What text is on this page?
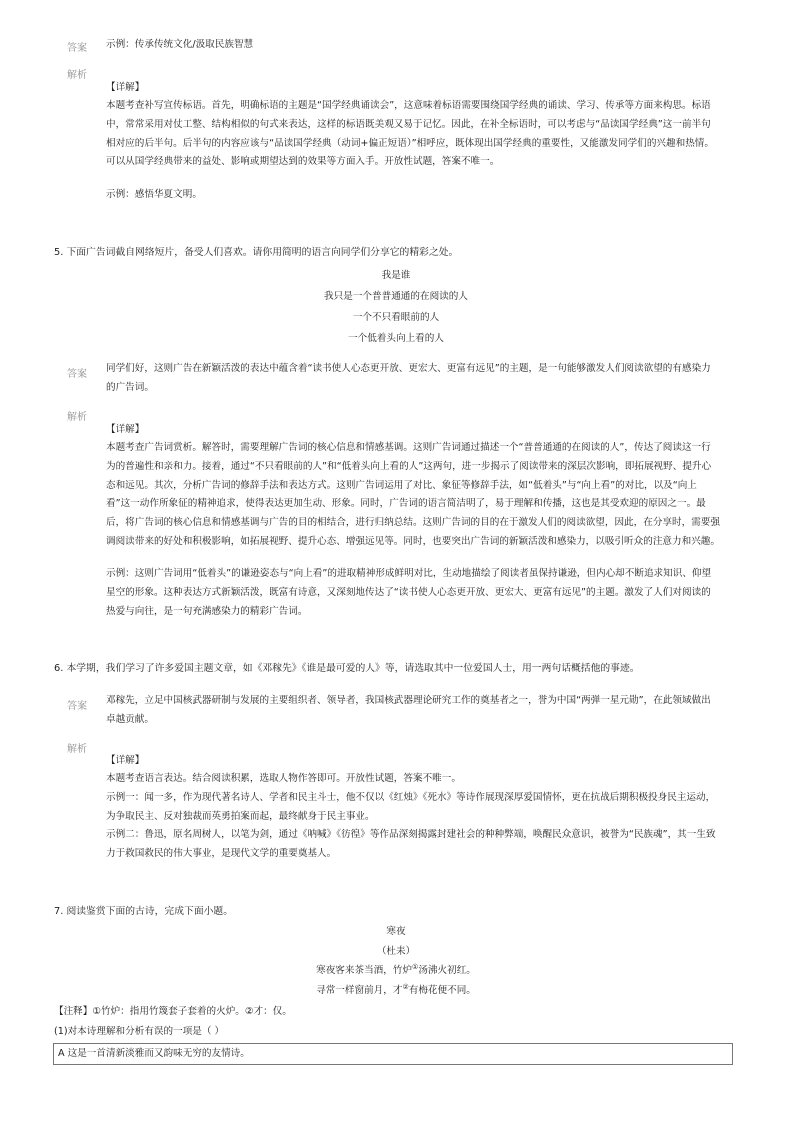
答案 示例：传承传统文化/汲取民族智慧
解析
【详解】
本题考查补写宣传标语。首先，明确标语的主题是“国学经典诵读会”，这意味着标语需要围绕国学经典的诵读、学习、传承等方面来构思。标语中，常常采用对仗工整、结构相似的句式来表达，这样的标语既美观又易于记忆。因此，在补全标语时，可以考虑与“品读国学经典”这一前半句相对应的后半句。后半句的内容应该与“品读国学经典（动词+偏正短语）”相呼应，既体现出国学经典的重要性，又能激发同学们的兴趣和热情。可以从国学经典带来的益处、影响或期望达到的效果等方面入手。开放性试题，答案不唯一。
示例：感悟华夏文明。
5. 下面广告词截自网络短片，备受人们喜欢。请你用简明的语言向同学们分享它的精彩之处。
我是谁
我只是一个普普通通的在阅读的人
一个不只看眼前的人
一个低着头向上看的人
答案
同学们好，这则广告在新颖活泼的表达中蕴含着“读书使人心态更开放、更宏大、更富有远见”的主题，是一句能够激发人们阅读欲望的有感染力的广告词。
解析
【详解】
本题考查广告词赏析。解答时，需要理解广告词的核心信息和情感基调。这则广告词通过描述一个“普普通通的在阅读的人”，传达了阅读这一行为的普遍性和亲和力。接着，通过“不只看眼前的人”和“低着头向上看的人”这两句，进一步揭示了阅读带来的深层次影响，即拓展视野、提升心态和远见。其次，分析广告词的修辞手法和表达方式。这则广告词运用了对比、象征等修辞手法，如“低着头”与“向上看”的对比，以及“向上看”这一动作所象征的精神追求，使得表达更加生动、形象。同时，广告词的语言简洁明了，易于理解和传播，这也是其受欢迎的原因之一。最后，将广告词的核心信息和情感基调与广告的目的相结合，进行归纳总结。这则广告词的目的在于激发人们的阅读欲望，因此，在分享时，需要强调阅读带来的好处和积极影响，如拓展视野、提升心态、增强远见等。同时，也要突出广告词的新颖活泼和感染力，以吸引听众的注意力和兴趣。
示例：这则广告词用“低着头”的谦逊姿态与“向上看”的进取精神形成鲜明对比，生动地描绘了阅读者虽保持谦逊，但内心却不断追求知识、仰望星空的形象。这种表达方式新颖活泼，既富有诗意，又深刻地传达了“读书使人心态更开放、更宏大、更富有远见”的主题。激发了人们对阅读的热爱与向往，是一句充满感染力的精彩广告词。
6. 本学期，我们学习了许多爱国主题文章，如《邓稼先》《谁是最可爱的人》等，请选取其中一位爱国人士，用一两句话概括他的事迹。
答案
邓稼先，立足中国核武器研制与发展的主要组织者、领导者，我国核武器理论研究工作的奠基者之一，誉为中国“两弹一星元勋”，在此领域做出卓越贡献。
解析
【详解】
本题考查语言表达。结合阅读积累，选取人物作答即可。开放性试题，答案不唯一。
示例一：闻一多，作为现代著名诗人、学者和民主斗士，他不仅以《红烛》《死水》等诗作展现深厚爱国情怀，更在抗战后期积极投身民主运动，为争取民主、反对独裁而英勇拍案而起，最终献身于民主事业。
示例二：鲁迅，原名周树人，以笔为剑，通过《呐喊》《彷徨》等作品深刻揭露封建社会的种种弊端，唤醒民众意识，被誉为“民族魂”，其一生致力于救国救民的伟大事业，是现代文学的重要奠基人。
7. 阅读鉴赏下面的古诗，完成下面小题。
寒夜
（杜耒）
寒夜客来茶当酒，竹炉①汤沸火初红。
寻常一样窗前月，才②有梅花便不同。
【注释】①竹炉：指用竹篾套子套着的火炉。②才：仅。
(1)对本诗理解和分析有误的一项是（ ）
A 这是一首清新淡雅而又韵味无穷的友情诗。
